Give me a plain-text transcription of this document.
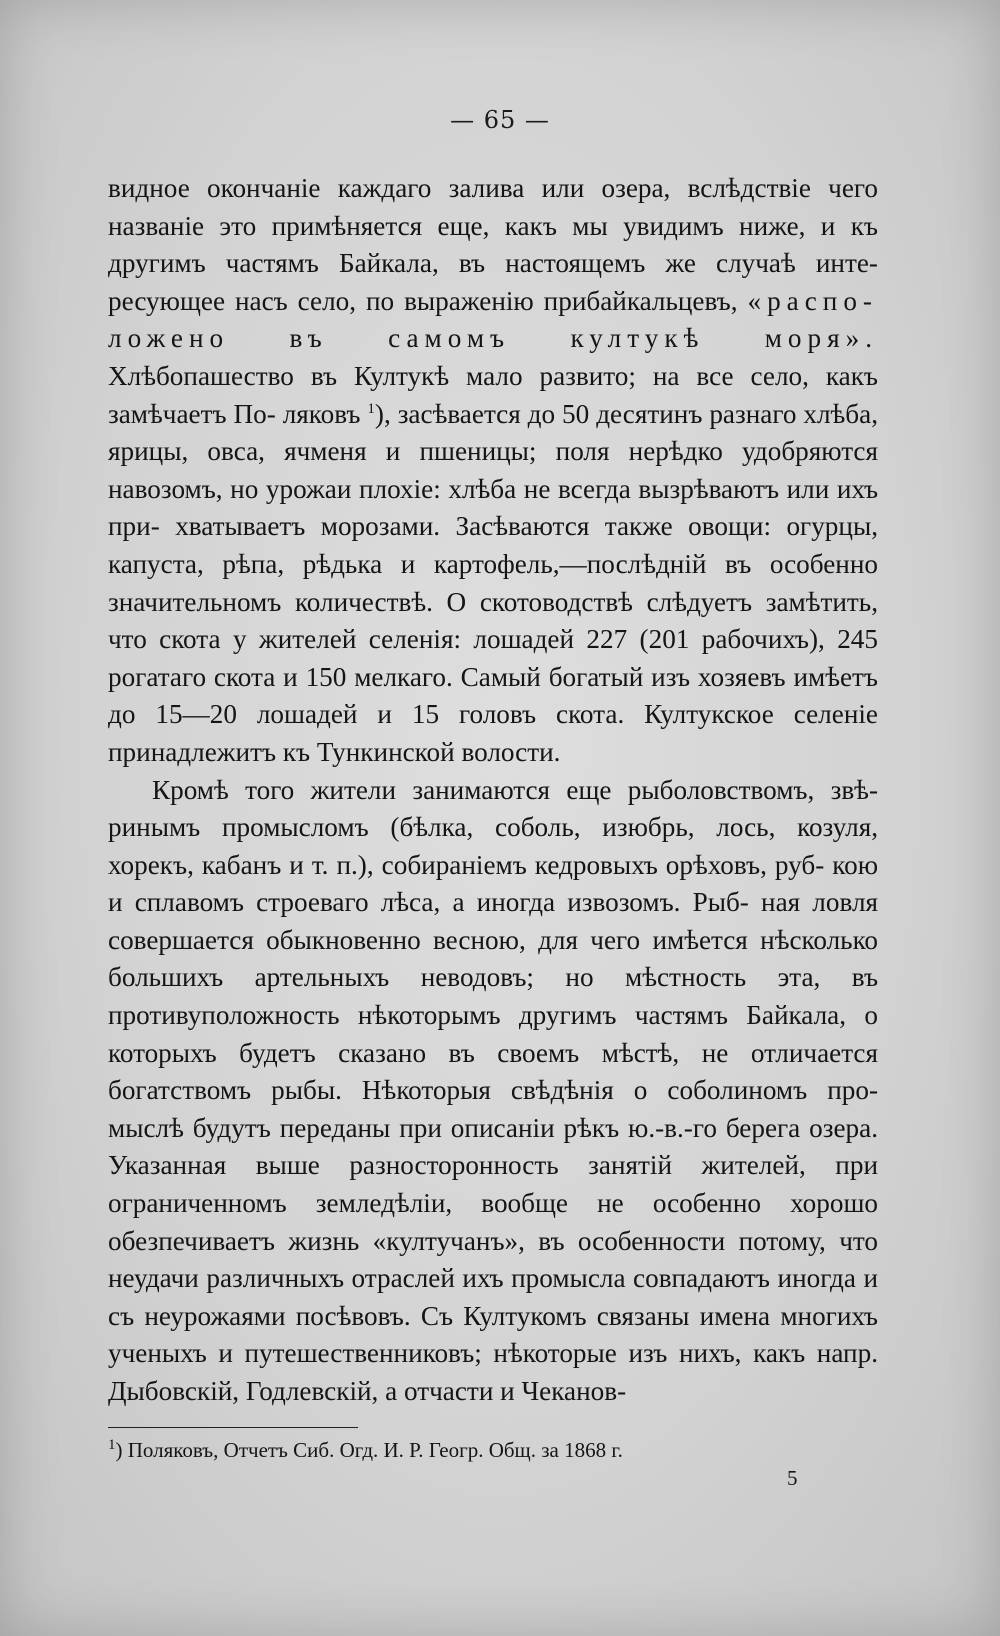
— 65 —

видное окончаніе каждаго залива или озера, вслѣдствіе чего названіе это примѣняется еще, какъ мы увидимъ ниже, и къ другимъ частямъ Байкала, въ настоящемъ же случаѣ инте- ресующее насъ село, по выраженію прибайкальцевъ, «распо- ложено въ самомъ култукѣ моря». Хлѣбопашество въ Култукѣ мало развито; на все село, какъ замѣчаетъ По- ляковъ $^1$), засѣвается до 50 десятинъ разнаго хлѣба, ярицы, овса, ячменя и пшеницы; поля нерѣдко удобряются навозомъ, но урожаи плохіе: хлѣба не всегда вызрѣваютъ или ихъ при- хватываетъ морозами. Засѣваются также овощи: огурцы, капуста, рѣпа, рѣдька и картофель,—послѣдній въ особенно значительномъ количествѣ. О скотоводствѣ слѣдуетъ замѣтить, что скота у жителей селенія: лошадей 227 (201 рабочихъ), 245 рогатаго скота и 150 мелкаго. Самый богатый изъ хозяевъ имѣетъ до 15—20 лошадей и 15 головъ скота. Култукское селеніе принадлежитъ къ Тункинской волости.

Кромѣ того жители занимаются еще рыболовствомъ, звѣ- ринымъ промысломъ (бѣлка, соболь, изюбрь, лось, козуля, хорекъ, кабанъ и т. п.), собираніемъ кедровыхъ орѣховъ, руб- кою и сплавомъ строеваго лѣса, а иногда извозомъ. Рыб- ная ловля совершается обыкновенно весною, для чего имѣется нѣсколько большихъ артельныхъ неводовъ; но мѣстность эта, въ противуположность нѣкоторымъ другимъ частямъ Байкала, о которыхъ будетъ сказано въ своемъ мѣстѣ, не отличается богатствомъ рыбы. Нѣкоторыя свѣдѣнія о соболиномъ про- мыслѣ будутъ переданы при описаніи рѣкъ ю.-в.-го берега озера. Указанная выше разносторонность занятій жителей, при ограниченномъ земледѣліи, вообще не особенно хорошо обезпечиваетъ жизнь «култучанъ», въ особенности потому, что неудачи различныхъ отраслей ихъ промысла совпадаютъ иногда и съ неурожаями посѣвовъ. Съ Култукомъ связаны имена многихъ ученыхъ и путешественниковъ; нѣкоторые изъ нихъ, какъ напр. Дыбовскій, Годлевскій, а отчасти и Чеканов-

$^1$) Поляковъ, Отчетъ Сиб. Огд. И. Р. Геогр. Общ. за 1868 г.
5
